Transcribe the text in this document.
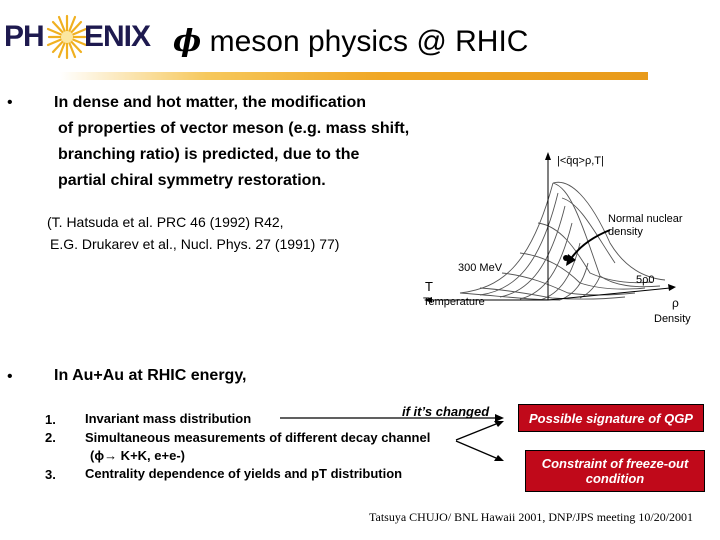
PH ENIX ϕ meson physics @ RHIC
•	In dense and hot matter, the modification
of properties of vector meson (e.g. mass shift,
branching ratio) is predicted, due to the
partial chiral symmetry restoration.
(T. Hatsuda et al. PRC 46 (1992) R42,
E.G. Drukarev et al., Nucl. Phys. 27 (1991) 77)
|<q̄q>ρ,T|
Normal nuclear
density
300 MeV
T
Temperature
5ρ0
ρ
Density
•	In Au+Au at RHIC energy,
1.
2.
3.
Invariant mass distribution
Simultaneous measurements of different decay channel
(ϕ→ K+K, e+e-)
Centrality dependence of yields and pT distribution
if it’s changed	Possible signature of QGP
Constraint of freeze-out condition
Tatsuya CHUJO/ BNL Hawaii 2001, DNP/JPS meeting 10/20/2001
